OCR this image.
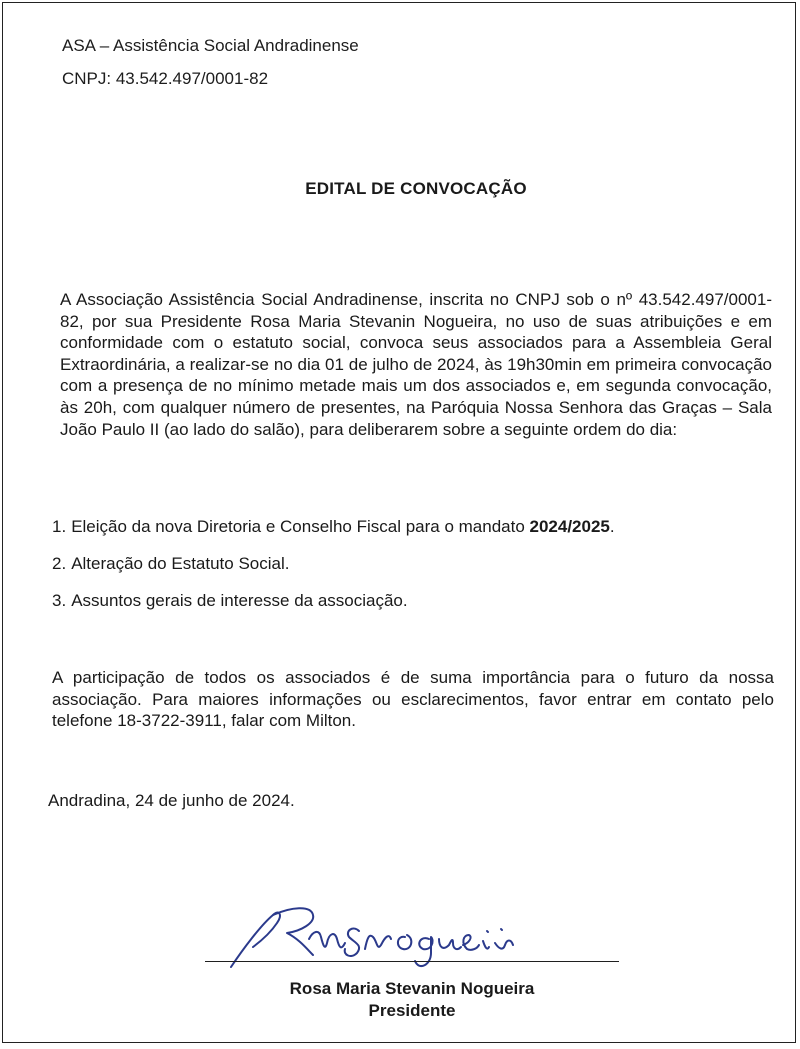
ASA – Assistência Social Andradinense
CNPJ: 43.542.497/0001-82
EDITAL DE CONVOCAÇÃO

A Associação Assistência Social Andradinense, inscrita no CNPJ sob o nº 43.542.497/0001-82, por sua Presidente Rosa Maria Stevanin Nogueira, no uso de suas atribuições e em conformidade com o estatuto social, convoca seus associados para a Assembleia Geral Extraordinária, a realizar-se no dia 01 de julho de 2024, às 19h30min em primeira convocação com a presença de no mínimo metade mais um dos associados e, em segunda convocação, às 20h, com qualquer número de presentes, na Paróquia Nossa Senhora das Graças – Sala João Paulo II (ao lado do salão), para deliberarem sobre a seguinte ordem do dia:

1. Eleição da nova Diretoria e Conselho Fiscal para o mandato 2024/2025.
2. Alteração do Estatuto Social.
3. Assuntos gerais de interesse da associação.

A participação de todos os associados é de suma importância para o futuro da nossa associação. Para maiores informações ou esclarecimentos, favor entrar em contato pelo telefone 18-3722-3911, falar com Milton.

Andradina, 24 de junho de 2024.

Rosa Maria Stevanin Nogueira
Presidente
